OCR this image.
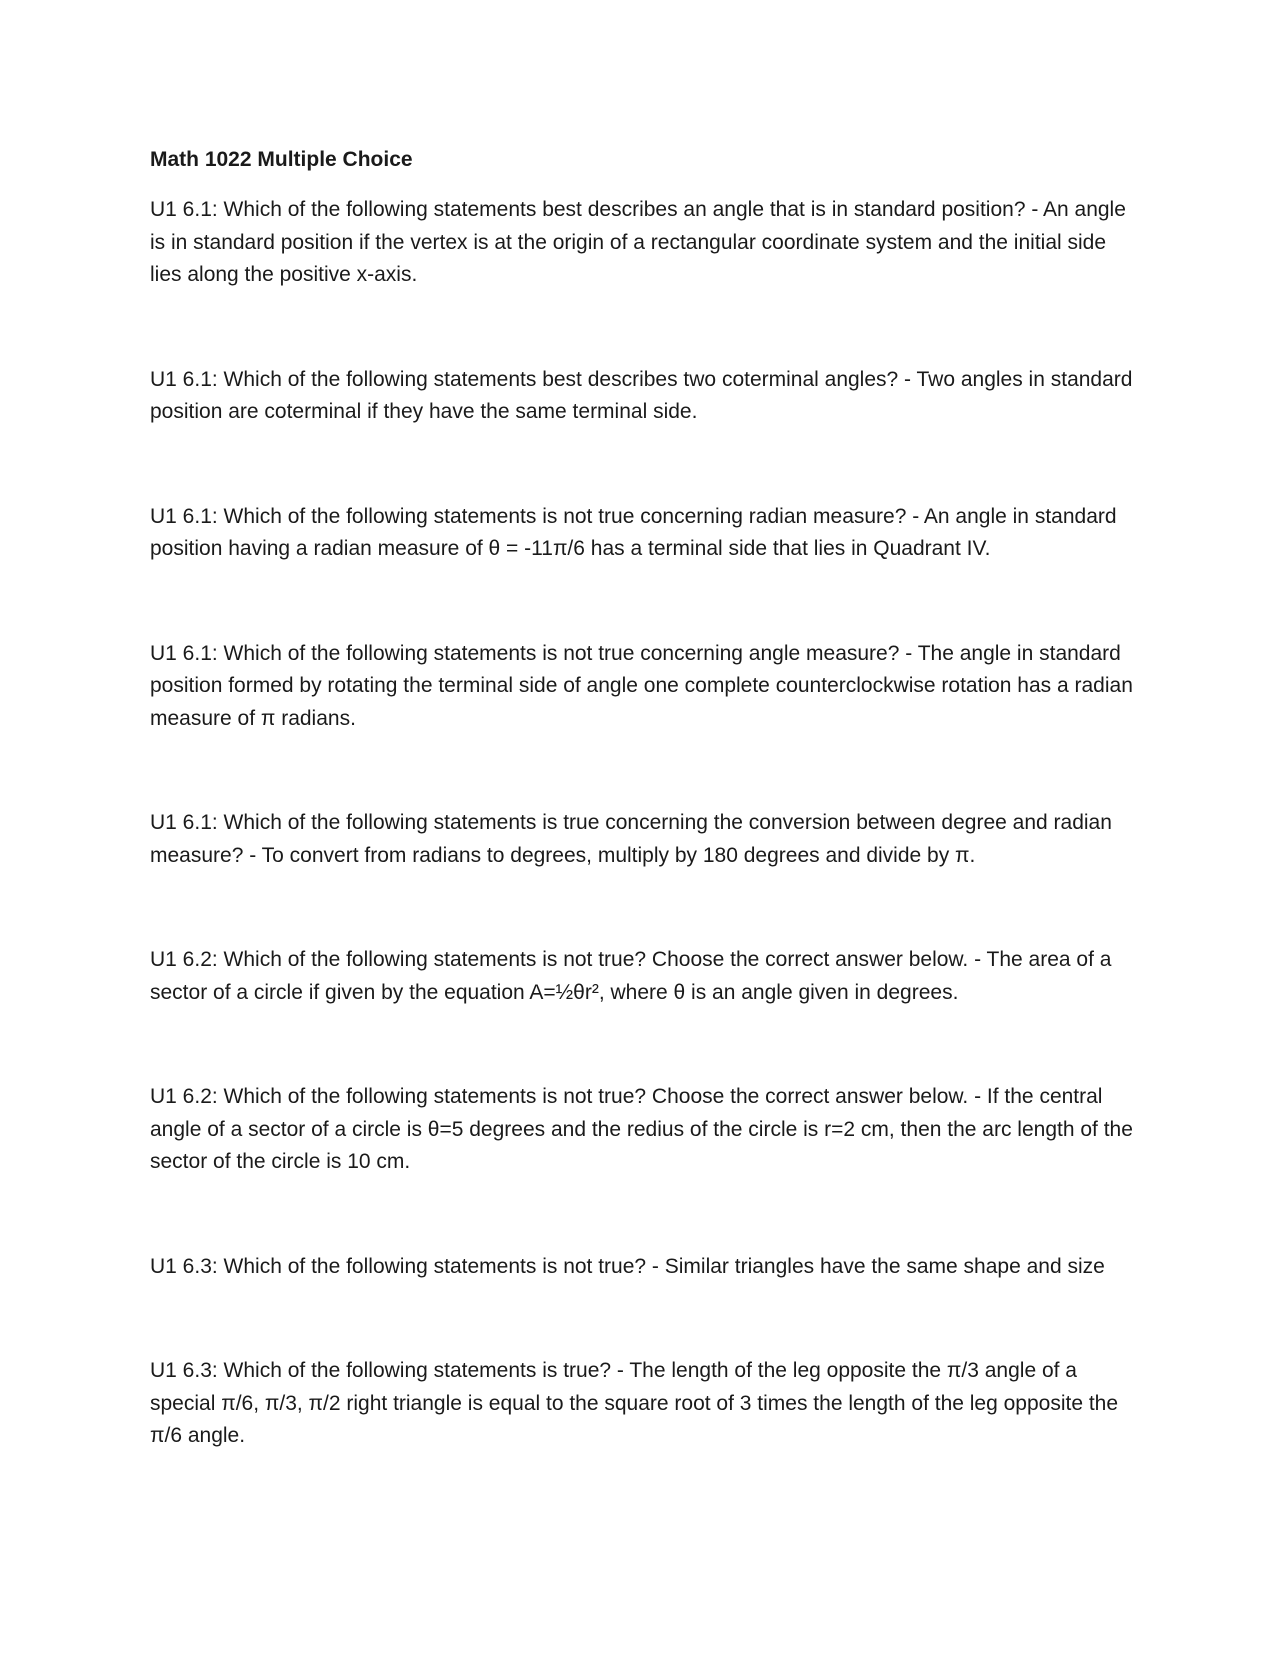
Math 1022 Multiple Choice

U1 6.1: Which of the following statements best describes an angle that is in standard position? - An angle is in standard position if the vertex is at the origin of a rectangular coordinate system and the initial side lies along the positive x-axis.

U1 6.1: Which of the following statements best describes two coterminal angles? - Two angles in standard position are coterminal if they have the same terminal side.

U1 6.1: Which of the following statements is not true concerning radian measure? - An angle in standard position having a radian measure of θ = -11π/6 has a terminal side that lies in Quadrant IV.

U1 6.1: Which of the following statements is not true concerning angle measure? - The angle in standard position formed by rotating the terminal side of angle one complete counterclockwise rotation has a radian measure of π radians.

U1 6.1: Which of the following statements is true concerning the conversion between degree and radian measure? - To convert from radians to degrees, multiply by 180 degrees and divide by π.

U1 6.2: Which of the following statements is not true? Choose the correct answer below. - The area of a sector of a circle if given by the equation A=½θr², where θ is an angle given in degrees.

U1 6.2: Which of the following statements is not true? Choose the correct answer below. - If the central angle of a sector of a circle is θ=5 degrees and the redius of the circle is r=2 cm, then the arc length of the sector of the circle is 10 cm.

U1 6.3: Which of the following statements is not true? - Similar triangles have the same shape and size

U1 6.3: Which of the following statements is true? - The length of the leg opposite the π/3 angle of a special π/6, π/3, π/2 right triangle is equal to the square root of 3 times the length of the leg opposite the π/6 angle.
